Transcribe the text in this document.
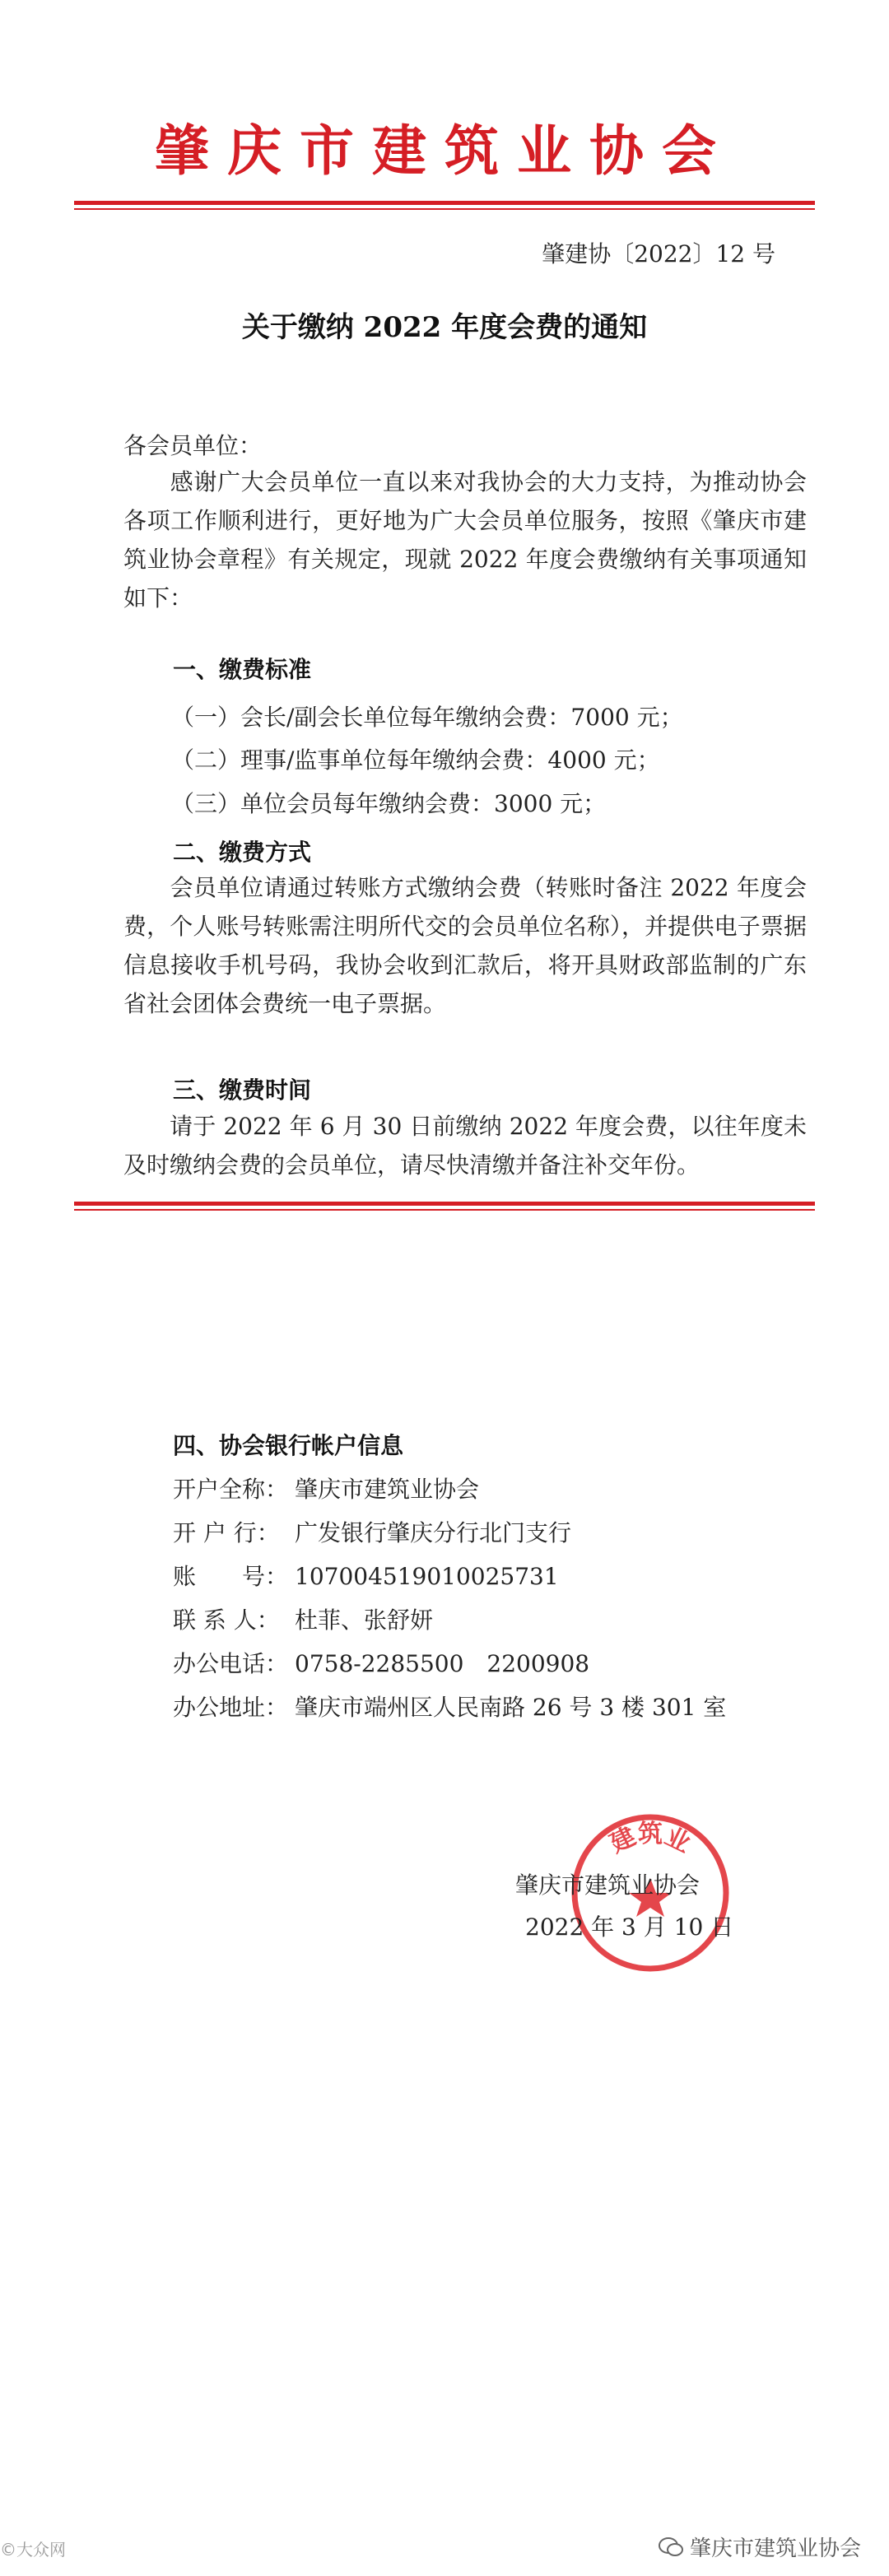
肇庆市建筑业协会
肇建协〔2022〕12 号
关于缴纳 2022 年度会费的通知
各会员单位：
感谢广大会员单位一直以来对我协会的大力支持，为推动协会各项工作顺利进行，更好地为广大会员单位服务，按照《肇庆市建筑业协会章程》有关规定，现就 2022 年度会费缴纳有关事项通知如下：
一、缴费标准
（一）会长/副会长单位每年缴纳会费：7000 元；
（二）理事/监事单位每年缴纳会费：4000 元；
（三）单位会员每年缴纳会费：3000 元；
二、缴费方式
会员单位请通过转账方式缴纳会费（转账时备注 2022 年度会费，个人账号转账需注明所代交的会员单位名称），并提供电子票据信息接收手机号码，我协会收到汇款后，将开具财政部监制的广东省社会团体会费统一电子票据。
三、缴费时间
请于 2022 年 6 月 30 日前缴纳 2022 年度会费，以往年度未及时缴纳会费的会员单位，请尽快清缴并备注补交年份。
四、协会银行帐户信息
开户全称： 肇庆市建筑业协会
开 户 行： 广发银行肇庆分行北门支行
账　　号： 107004519010025731
联 系 人： 杜菲、张舒妍
办公电话： 0758-2285500　2200908
办公地址： 肇庆市端州区人民南路 26 号 3 楼 301 室
建筑业
肇庆市建筑业协会
2022 年 3 月 10 日
©大众网	肇庆市建筑业协会
